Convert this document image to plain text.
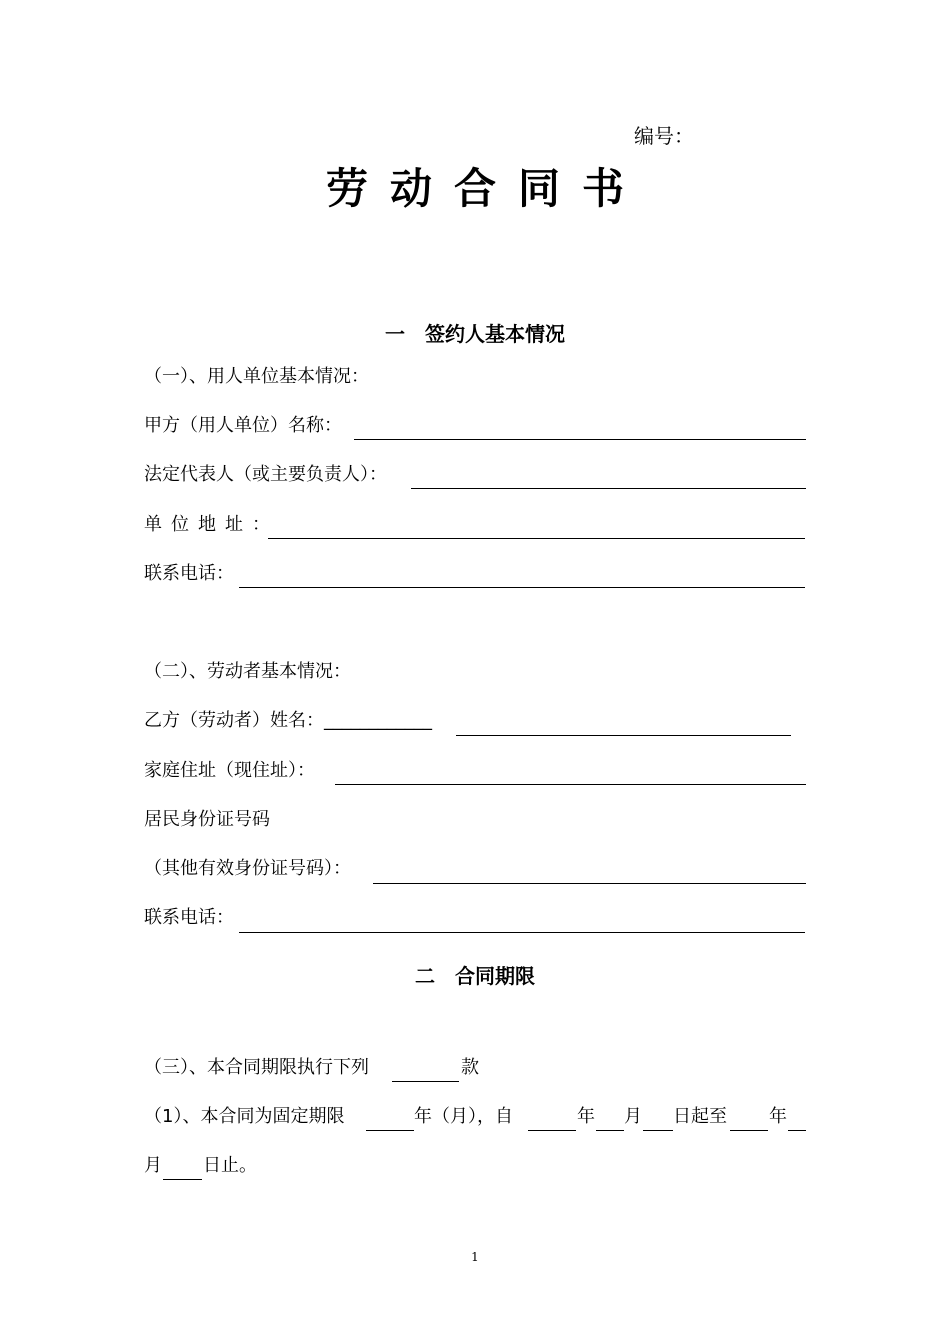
编号：
劳动合同书
一　签约人基本情况
（一）、用人单位基本情况：
甲方（用人单位）名称：
法定代表人（或主要负责人）：
单位地址：
联系电话：
（二）、劳动者基本情况：
乙方（劳动者）姓名：____________
家庭住址（现住址）：
居民身份证号码
（其他有效身份证号码）：
联系电话：
二　合同期限
（三）、本合同期限执行下列	款
（1）、本合同为固定期限	年（月），自	年 月 日起至 年
月 日止。
1
